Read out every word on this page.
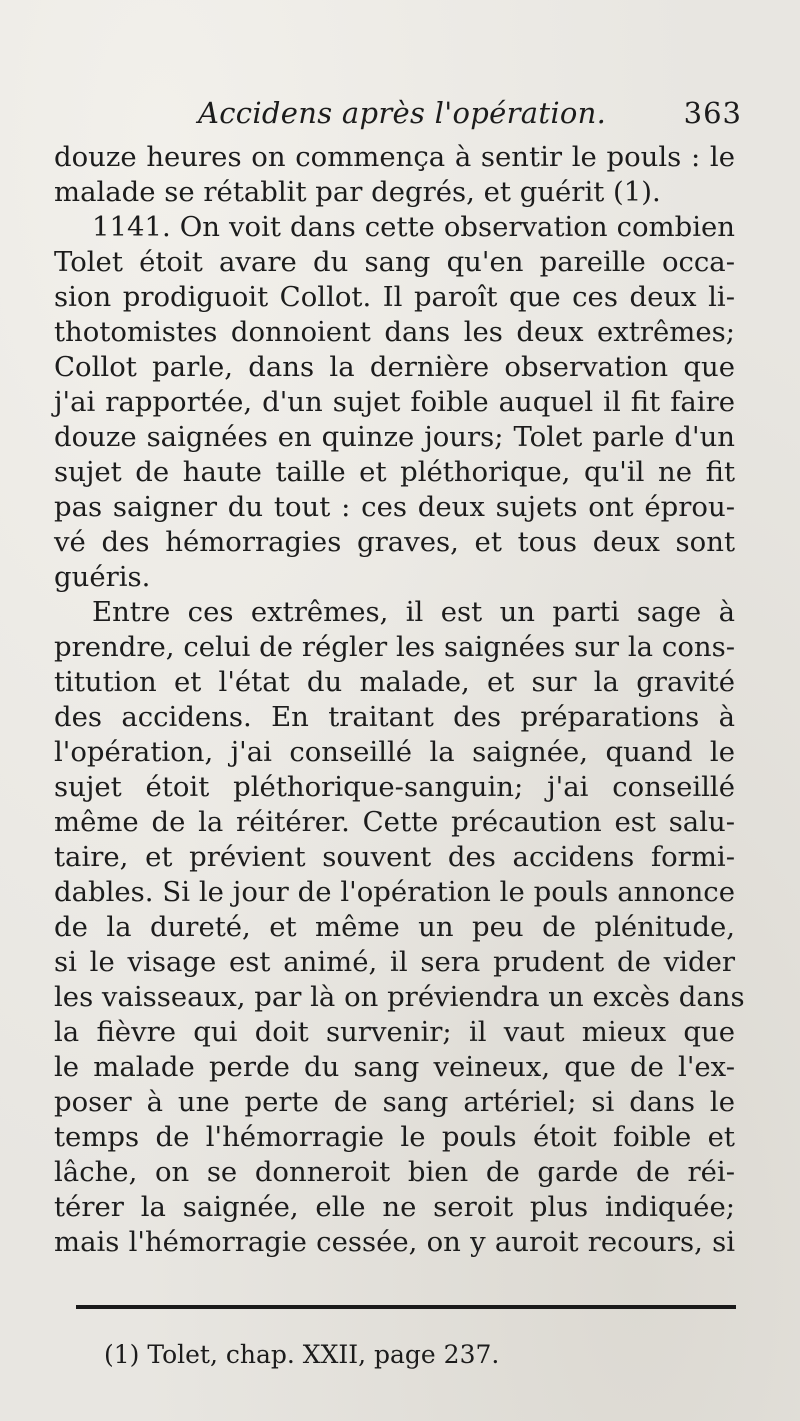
Accidens après l'opération.	363
douze heures on commença à sentir le pouls : le
malade se rétablit par degrés, et guérit (1).
1141. On voit dans cette observation combien
Tolet étoit avare du sang qu'en pareille occa-
sion prodiguoit Collot. Il paroît que ces deux li-
thotomistes donnoient dans les deux extrêmes;
Collot parle, dans la dernière observation que
j'ai rapportée, d'un sujet foible auquel il fit faire
douze saignées en quinze jours; Tolet parle d'un
sujet de haute taille et pléthorique, qu'il ne fit
pas saigner du tout : ces deux sujets ont éprou-
vé des hémorragies graves, et tous deux sont
guéris.
Entre ces extrêmes, il est un parti sage à
prendre, celui de régler les saignées sur la cons-
titution et l'état du malade, et sur la gravité
des accidens. En traitant des préparations à
l'opération, j'ai conseillé la saignée, quand le
sujet étoit pléthorique-sanguin; j'ai conseillé
même de la réitérer. Cette précaution est salu-
taire, et prévient souvent des accidens formi-
dables. Si le jour de l'opération le pouls annonce
de la dureté, et même un peu de plénitude,
si le visage est animé, il sera prudent de vider
les vaisseaux, par là on préviendra un excès dans
la fièvre qui doit survenir; il vaut mieux que
le malade perde du sang veineux, que de l'ex-
poser à une perte de sang artériel; si dans le
temps de l'hémorragie le pouls étoit foible et
lâche, on se donneroit bien de garde de réi-
térer la saignée, elle ne seroit plus indiquée;
mais l'hémorragie cessée, on y auroit recours, si
(1) Tolet, chap. XXII, page 237.
